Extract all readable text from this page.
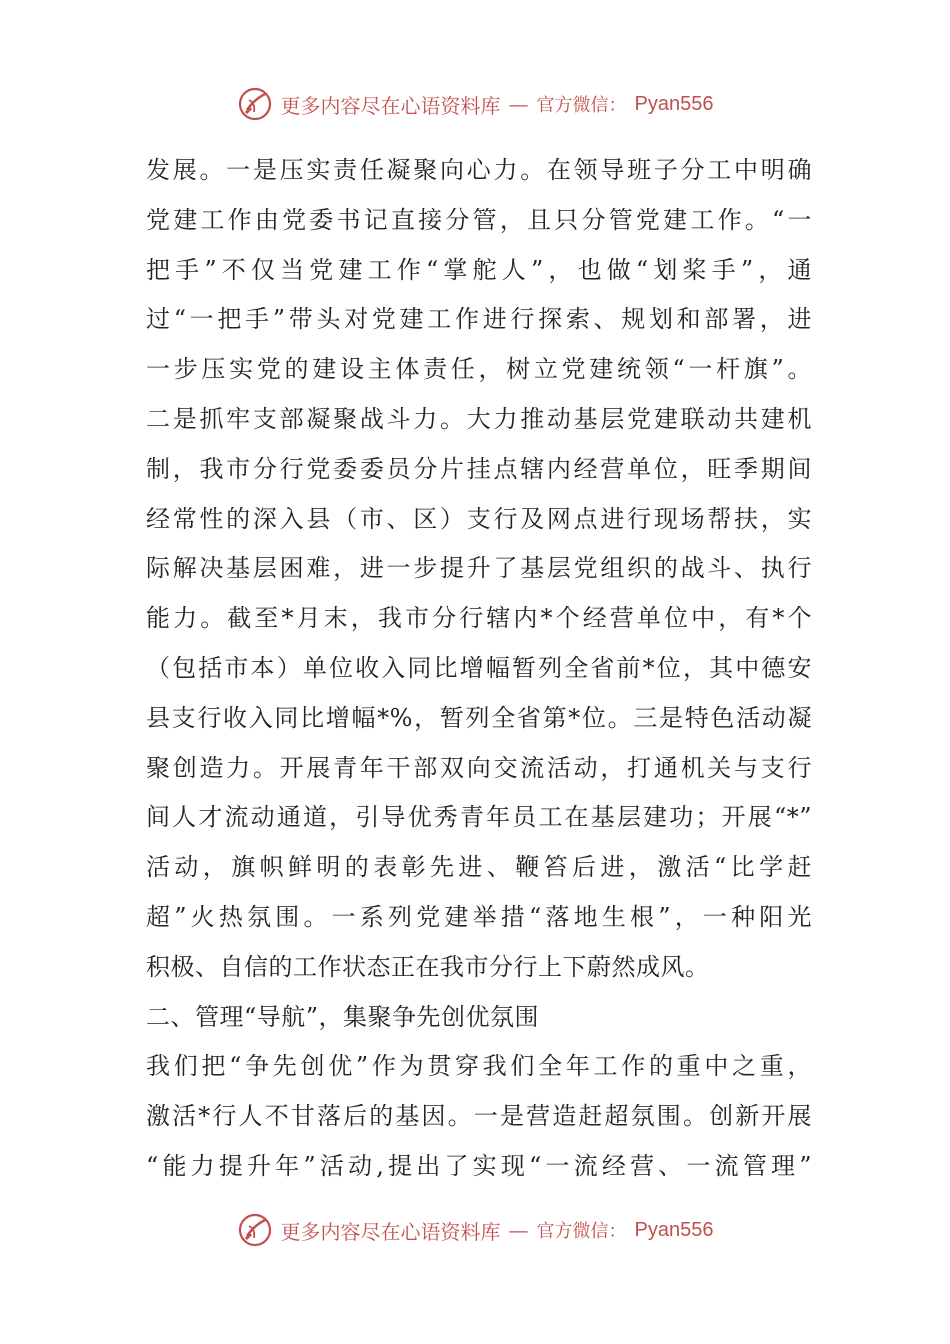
更多内容尽在心语资料库 — 官方微信： Pyan556
发展。一是压实责任凝聚向心力。在领导班子分工中明确
党建工作由党委书记直接分管，且只分管党建工作。“一
把手”不仅当党建工作“掌舵人”，也做“划桨手”，通
过“一把手”带头对党建工作进行探索、规划和部署，进
一步压实党的建设主体责任，树立党建统领“一杆旗”。
二是抓牢支部凝聚战斗力。大力推动基层党建联动共建机
制，我市分行党委委员分片挂点辖内经营单位，旺季期间
经常性的深入县（市、区）支行及网点进行现场帮扶，实
际解决基层困难，进一步提升了基层党组织的战斗、执行
能力。截至*月末，我市分行辖内*个经营单位中，有*个
（包括市本）单位收入同比增幅暂列全省前*位，其中德安
县支行收入同比增幅*%，暂列全省第*位。三是特色活动凝
聚创造力。开展青年干部双向交流活动，打通机关与支行
间人才流动通道，引导优秀青年员工在基层建功；开展“*”
活动，旗帜鲜明的表彰先进、鞭笞后进，激活“比学赶
超”火热氛围。一系列党建举措“落地生根”，一种阳光
积极、自信的工作状态正在我市分行上下蔚然成风。
二、管理“导航”，集聚争先创优氛围
我们把“争先创优”作为贯穿我们全年工作的重中之重，
激活*行人不甘落后的基因。一是营造赶超氛围。创新开展
“能力提升年”活动,提出了实现“一流经营、一流管理”
更多内容尽在心语资料库 — 官方微信： Pyan556
